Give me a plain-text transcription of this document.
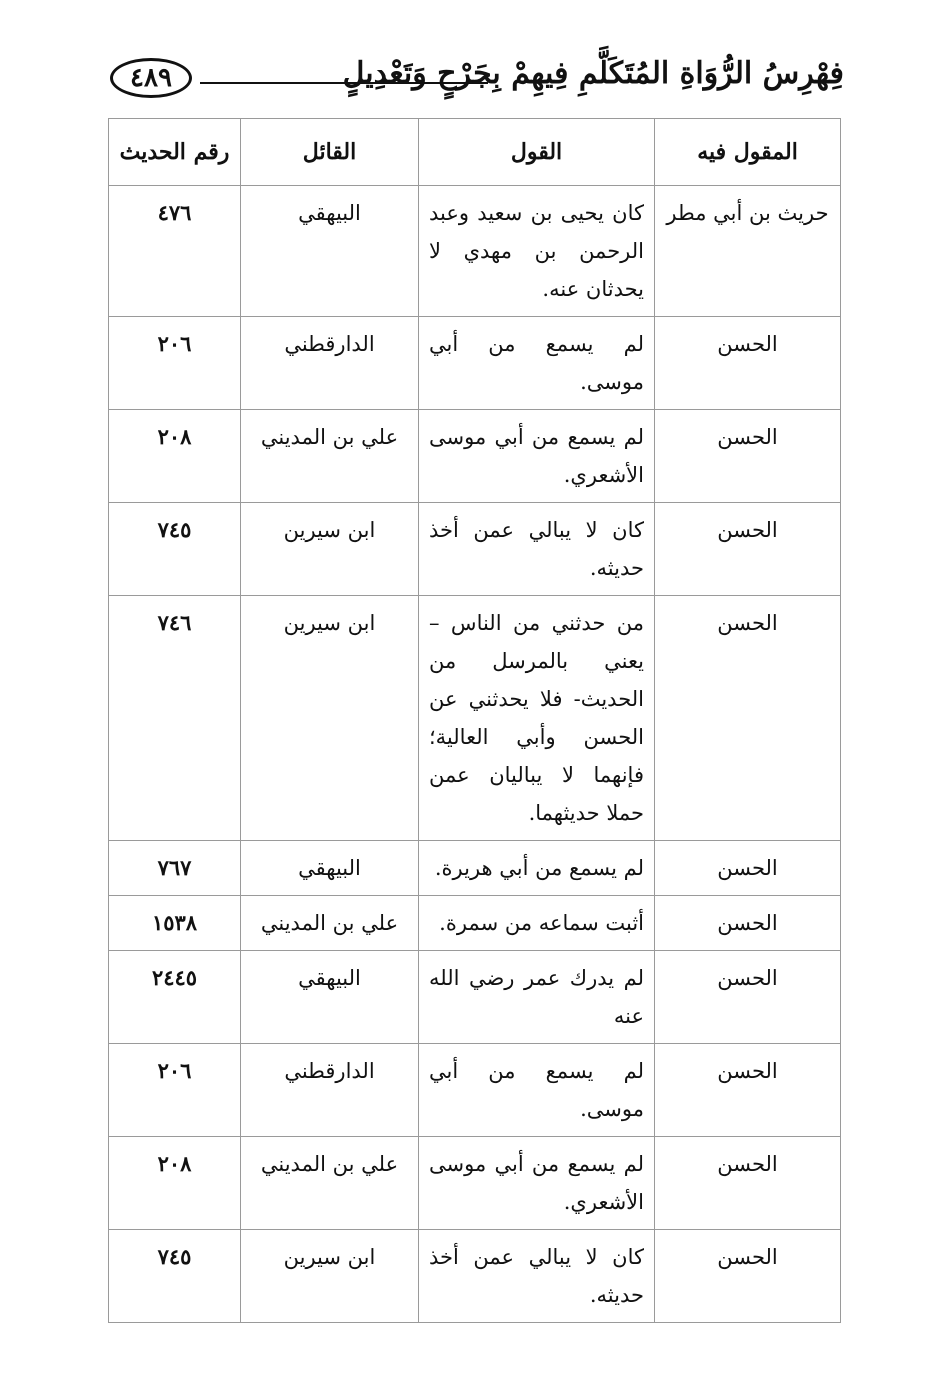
٤٨٩	فِهْرِسُ الرُّوَاةِ المُتَكَلَّمِ فِيهِمْ بِجَرْحٍ وَتَعْدِيلٍ
المقول فيه	القول	القائل	رقم الحديث
حريث بن أبي مطر	كان يحيى بن سعيد وعبد الرحمن بن مهدي لا يحدثان عنه.	البيهقي	٤٧٦
الحسن	لم يسمع من أبي موسى.	الدارقطني	٢٠٦
الحسن	لم يسمع من أبي موسى الأشعري.	علي بن المديني	٢٠٨
الحسن	كان لا يبالي عمن أخذ حديثه.	ابن سيرين	٧٤٥
الحسن	من حدثني من الناس – يعني بالمرسل من الحديث- فلا يحدثني عن الحسن وأبي العالية؛ فإنهما لا يباليان عمن حملا حديثهما.	ابن سيرين	٧٤٦
الحسن	لم يسمع من أبي هريرة.	البيهقي	٧٦٧
الحسن	أثبت سماعه من سمرة.	علي بن المديني	١٥٣٨
الحسن	لم يدرك عمر رضي الله عنه	البيهقي	٢٤٤٥
الحسن	لم يسمع من أبي موسى.	الدارقطني	٢٠٦
الحسن	لم يسمع من أبي موسى الأشعري.	علي بن المديني	٢٠٨
الحسن	كان لا يبالي عمن أخذ حديثه.	ابن سيرين	٧٤٥
